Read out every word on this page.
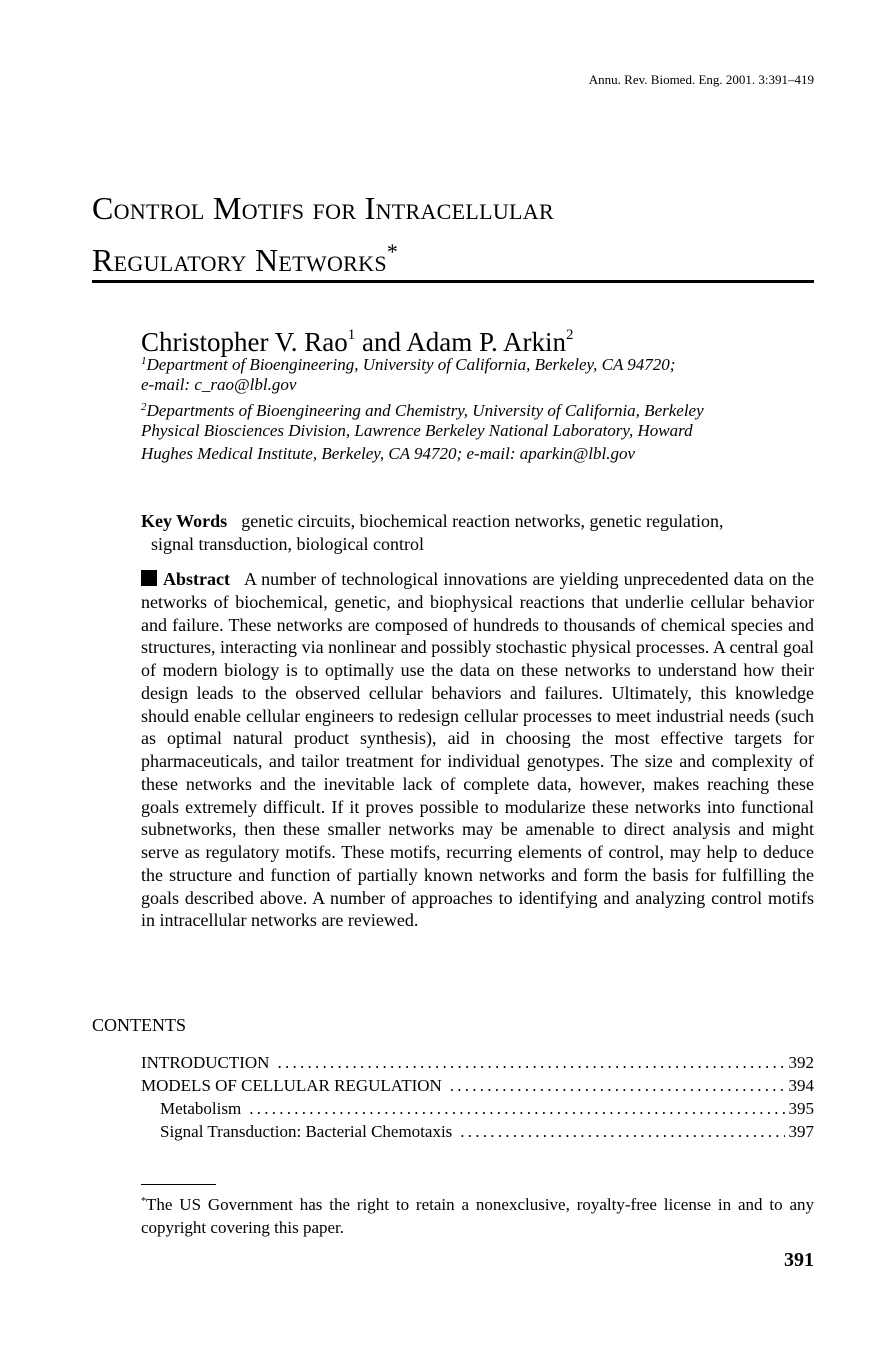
Annu. Rev. Biomed. Eng. 2001. 3:391–419
Control Motifs for Intracellular
Regulatory Networks*
Christopher V. Rao$^1$ and Adam P. Arkin$^2$
$^1$Department of Bioengineering, University of California, Berkeley, CA 94720;
e-mail: c_rao@lbl.gov
$^2$Departments of Bioengineering and Chemistry, University of California, Berkeley
Physical Biosciences Division, Lawrence Berkeley National Laboratory, Howard
Hughes Medical Institute, Berkeley, CA 94720; e-mail: aparkin@lbl.gov
Key Words genetic circuits, biochemical reaction networks, genetic regulation,
signal transduction, biological control
Abstract A number of technological innovations are yielding unprecedented data on the networks of biochemical, genetic, and biophysical reactions that underlie cellular behavior and failure. These networks are composed of hundreds to thousands of chemical species and structures, interacting via nonlinear and possibly stochastic physical processes. A central goal of modern biology is to optimally use the data on these networks to understand how their design leads to the observed cellular behaviors and failures. Ultimately, this knowledge should enable cellular engineers to redesign cellular processes to meet industrial needs (such as optimal natural product synthesis), aid in choosing the most effective targets for pharmaceuticals, and tailor treatment for individual genotypes. The size and complexity of these networks and the inevitable lack of complete data, however, makes reaching these goals extremely difficult. If it proves possible to modularize these networks into functional subnetworks, then these smaller networks may be amenable to direct analysis and might serve as regulatory motifs. These motifs, recurring elements of control, may help to deduce the structure and function of partially known networks and form the basis for fulfilling the goals described above. A number of approaches to identifying and analyzing control motifs in intracellular networks are reviewed.
CONTENTS
INTRODUCTION . . .	392
MODELS OF CELLULAR REGULATION . . .	394
Metabolism . . .	395
Signal Transduction: Bacterial Chemotaxis . . .	397
*The US Government has the right to retain a nonexclusive, royalty-free license in and to any copyright covering this paper.
391
